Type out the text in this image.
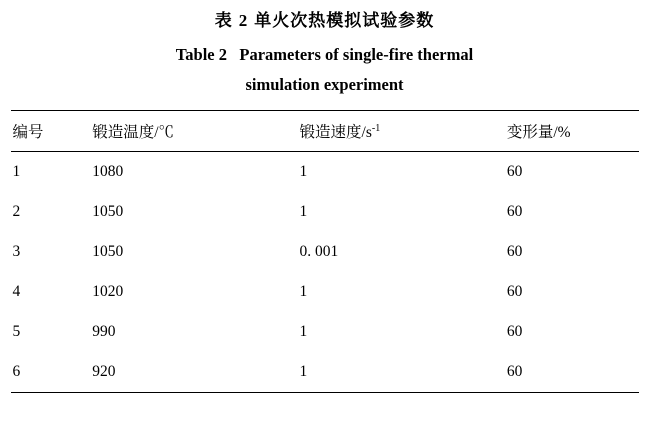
表 2 单火次热模拟试验参数
Table 2   Parameters of single-fire thermal
simulation experiment
编号	锻造温度/℃	锻造速度$/s^{-1}$	变形量/%
1	1080	1	60
2	1050	1	60
3	1050	0. 001	60
4	1020	1	60
5	990	1	60
6	920	1	60
